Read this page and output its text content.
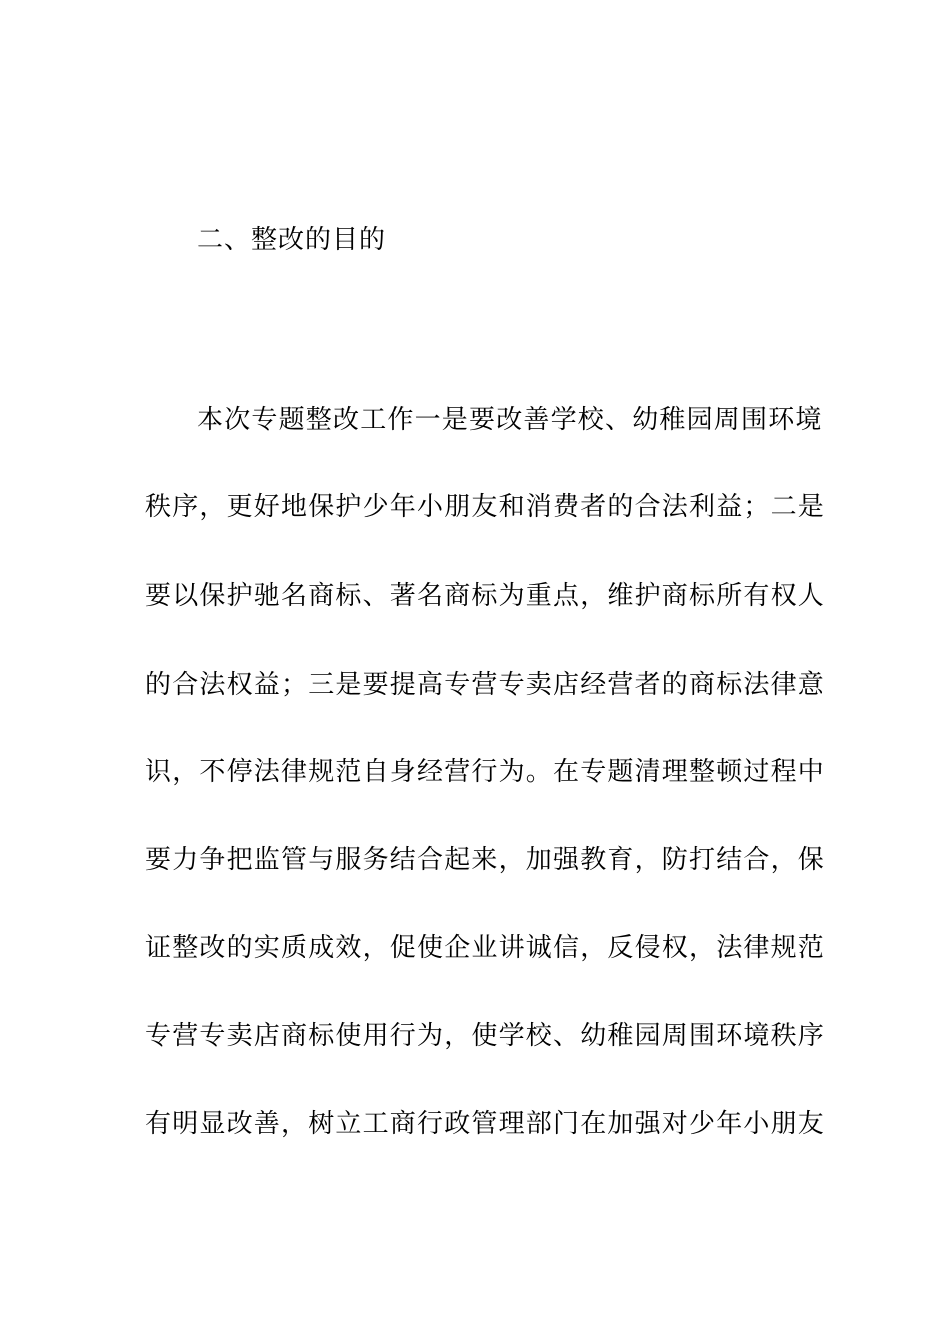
二、整改的目的
本次专题整改工作一是要改善学校、幼稚园周围环境
秩序，更好地保护少年小朋友和消费者的合法利益；二是
要以保护驰名商标、著名商标为重点，维护商标所有权人
的合法权益；三是要提高专营专卖店经营者的商标法律意
识，不停法律规范自身经营行为。在专题清理整顿过程中
要力争把监管与服务结合起来，加强教育，防打结合，保
证整改的实质成效，促使企业讲诚信，反侵权，法律规范
专营专卖店商标使用行为，使学校、幼稚园周围环境秩序
有明显改善，树立工商行政管理部门在加强对少年小朋友
